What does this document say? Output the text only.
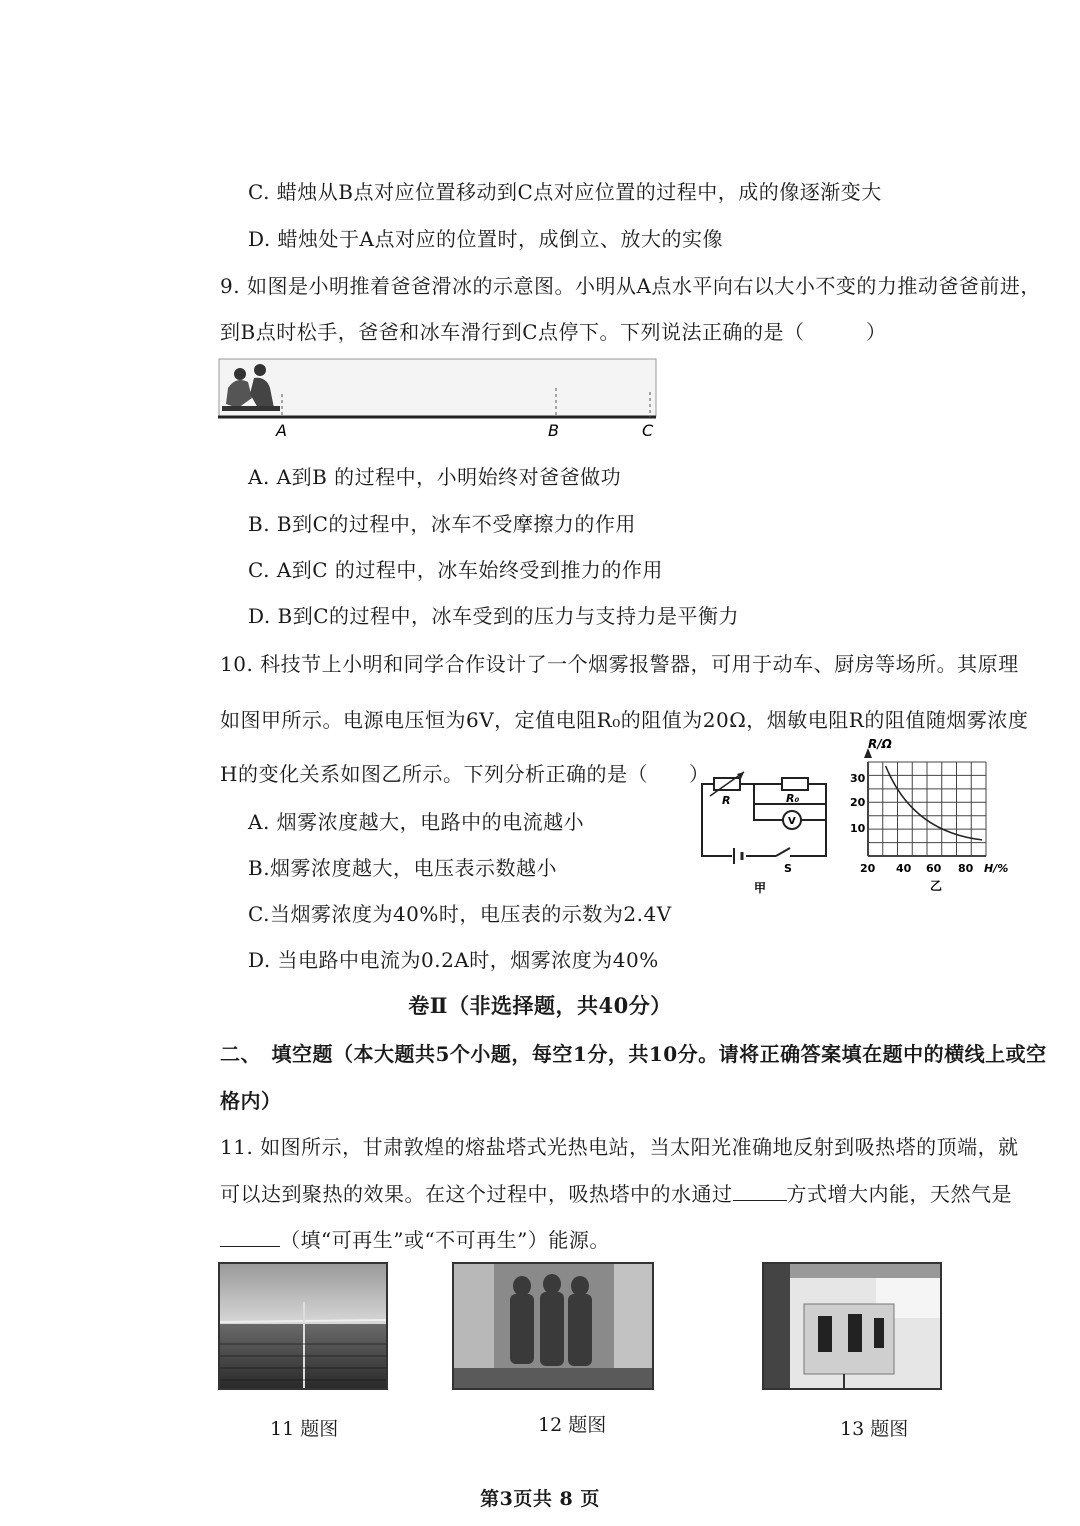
C. 蜡烛从B点对应位置移动到C点对应位置的过程中，成的像逐渐变大
D. 蜡烛处于A点对应的位置时，成倒立、放大的实像
9. 如图是小明推着爸爸滑冰的示意图。小明从A点水平向右以大小不变的力推动爸爸前进，
到B点时松手，爸爸和冰车滑行到C点停下。下列说法正确的是（　　　）
A	B	C
A. A到B 的过程中，小明始终对爸爸做功
B. B到C的过程中，冰车不受摩擦力的作用
C. A到C 的过程中，冰车始终受到推力的作用
D. B到C的过程中，冰车受到的压力与支持力是平衡力
10. 科技节上小明和同学合作设计了一个烟雾报警器，可用于动车、厨房等场所。其原理
如图甲所示。电源电压恒为6V，定值电阻R₀的阻值为20Ω，烟敏电阻R的阻值随烟雾浓度
H的变化关系如图乙所示。下列分析正确的是（　　）
A. 烟雾浓度越大，电路中的电流越小
B.烟雾浓度越大，电压表示数越小
C.当烟雾浓度为40%时，电压表的示数为2.4V
D. 当电路中电流为0.2A时，烟雾浓度为40%
R	R₀
V
S
甲
R/Ω
30
20
10
20 40 60 80 H/%
乙
卷Ⅱ（非选择题，共40分）
二、　填空题（本大题共5个小题，每空1分，共10分。请将正确答案填在题中的横线上或空
格内）
11. 如图所示，甘肃敦煌的熔盐塔式光热电站，当太阳光准确地反射到吸热塔的顶端，就
可以达到聚热的效果。在这个过程中，吸热塔中的水通过	方式增大内能，天然气是
（填“可再生”或“不可再生”）能源。
11 题图	12 题图	13 题图
第3页共 8 页
